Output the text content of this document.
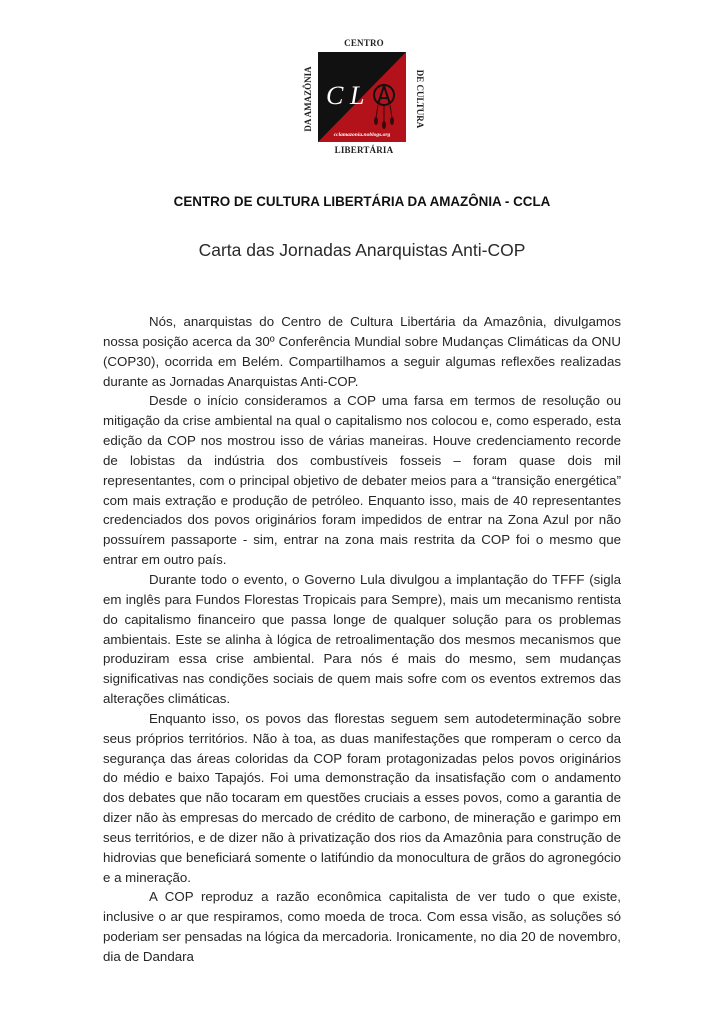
CENTRO
DA AMAZÔNIA	DE CULTURA
C L
cclamazonia.noblogs.org
LIBERTÁRIA
CENTRO DE CULTURA LIBERTÁRIA DA AMAZÔNIA - CCLA
Carta das Jornadas Anarquistas Anti-COP

Nós, anarquistas do Centro de Cultura Libertária da Amazônia, divulgamos nossa posição acerca da 30º Conferência Mundial sobre Mudanças Climáticas da ONU (COP30), ocorrida em Belém. Compartilhamos a seguir algumas reflexões realizadas durante as Jornadas Anarquistas Anti-COP.

Desde o início consideramos a COP uma farsa em termos de resolução ou mitigação da crise ambiental na qual o capitalismo nos colocou e, como esperado, esta edição da COP nos mostrou isso de várias maneiras. Houve credenciamento recorde de lobistas da indústria dos combustíveis fosseis – foram quase dois mil representantes, com o principal objetivo de debater meios para a “transição energética” com mais extração e produção de petróleo. Enquanto isso, mais de 40 representantes credenciados dos povos originários foram impedidos de entrar na Zona Azul por não possuírem passaporte - sim, entrar na zona mais restrita da COP foi o mesmo que entrar em outro país.

Durante todo o evento, o Governo Lula divulgou a implantação do TFFF (sigla em inglês para Fundos Florestas Tropicais para Sempre), mais um mecanismo rentista do capitalismo financeiro que passa longe de qualquer solução para os problemas ambientais. Este se alinha à lógica de retroalimentação dos mesmos mecanismos que produziram essa crise ambiental. Para nós é mais do mesmo, sem mudanças significativas nas condições sociais de quem mais sofre com os eventos extremos das alterações climáticas.

Enquanto isso, os povos das florestas seguem sem autodeterminação sobre seus próprios territórios. Não à toa, as duas manifestações que romperam o cerco da segurança das áreas coloridas da COP foram protagonizadas pelos povos originários do médio e baixo Tapajós. Foi uma demonstração da insatisfação com o andamento dos debates que não tocaram em questões cruciais a esses povos, como a garantia de dizer não às empresas do mercado de crédito de carbono, de mineração e garimpo em seus territórios, e de dizer não à privatização dos rios da Amazônia para construção de hidrovias que beneficiará somente o latifúndio da monocultura de grãos do agronegócio e a mineração.

A COP reproduz a razão econômica capitalista de ver tudo o que existe, inclusive o ar que respiramos, como moeda de troca. Com essa visão, as soluções só poderiam ser pensadas na lógica da mercadoria. Ironicamente, no dia 20 de novembro, dia de Dandara
